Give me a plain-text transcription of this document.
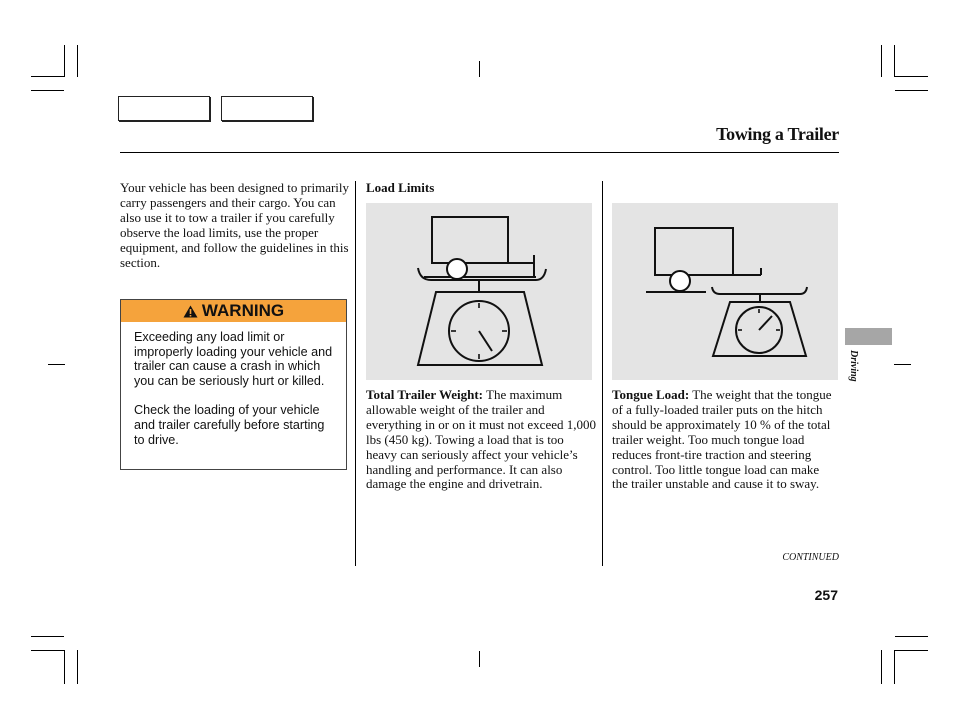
Towing a Trailer
Your vehicle has been designed to primarily carry passengers and their cargo. You can also use it to tow a trailer if you carefully observe the load limits, use the proper equipment, and follow the guidelines in this section.
WARNING

Exceeding any load limit or improperly loading your vehicle and trailer can cause a crash in which you can be seriously hurt or killed.

Check the loading of your vehicle and trailer carefully before starting to drive.

Load Limits
Total Trailer Weight: The maximum allowable weight of the trailer and everything in or on it must not exceed 1,000 lbs (450 kg). Towing a load that is too heavy can seriously affect your vehicle’s handling and performance. It can also damage the engine and drivetrain.
Tongue Load: The weight that the tongue of a fully-loaded trailer puts on the hitch should be approximately 10 % of the total trailer weight. Too much tongue load reduces front-tire traction and steering control. Too little tongue load can make the trailer unstable and cause it to sway.
Driving
CONTINUED
257
